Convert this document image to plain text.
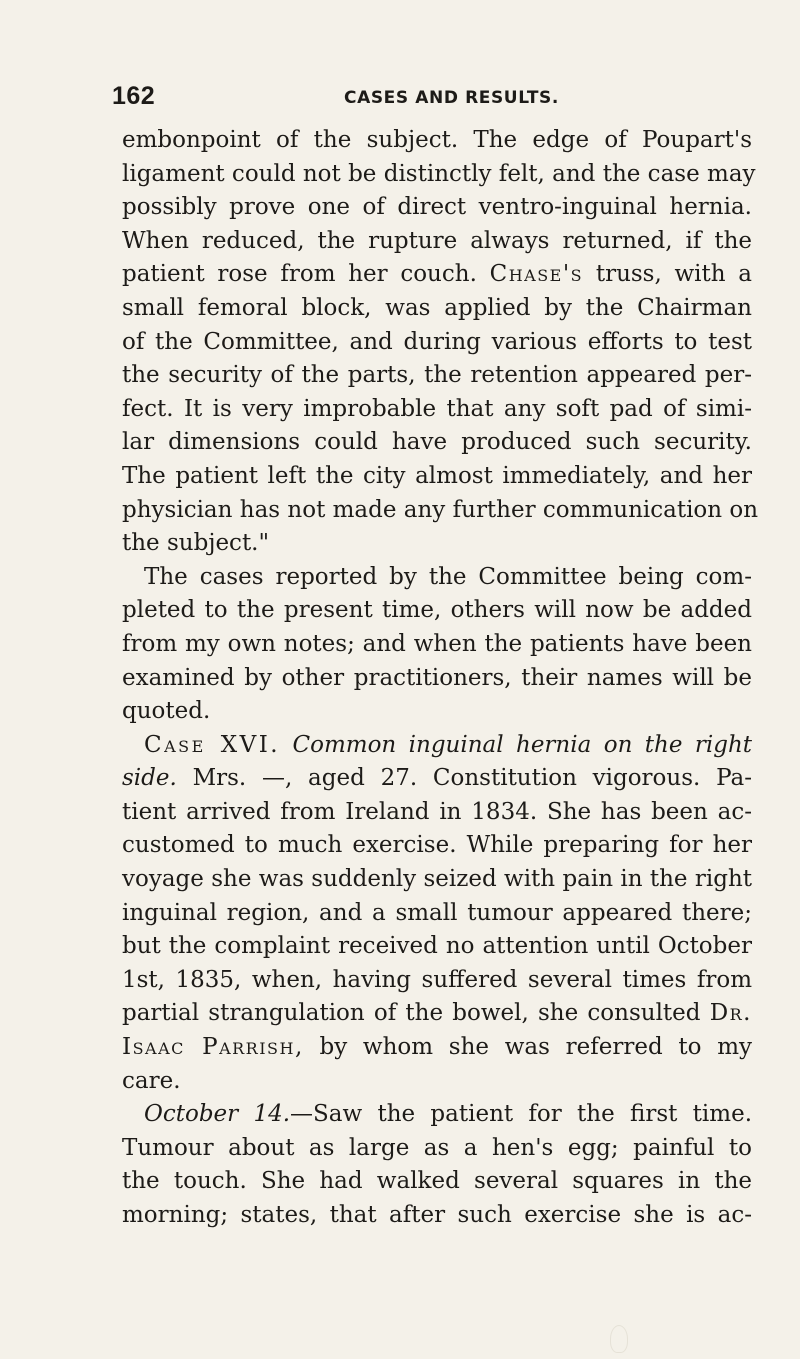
162	CASES AND RESULTS.
embonpoint of the subject. The edge of Poupart's
ligament could not be distinctly felt, and the case may
possibly prove one of direct ventro-inguinal hernia.
When reduced, the rupture always returned, if the
patient rose from her couch. Chase's truss, with a
small femoral block, was applied by the Chairman
of the Committee, and during various efforts to test
the security of the parts, the retention appeared per-
fect. It is very improbable that any soft pad of simi-
lar dimensions could have produced such security.
The patient left the city almost immediately, and her
physician has not made any further communication on
the subject."
The cases reported by the Committee being com-
pleted to the present time, others will now be added
from my own notes; and when the patients have been
examined by other practitioners, their names will be
quoted.
Case XVI. Common inguinal hernia on the right
side. Mrs. —, aged 27. Constitution vigorous. Pa-
tient arrived from Ireland in 1834. She has been ac-
customed to much exercise. While preparing for her
voyage she was suddenly seized with pain in the right
inguinal region, and a small tumour appeared there;
but the complaint received no attention until October
1st, 1835, when, having suffered several times from
partial strangulation of the bowel, she consulted Dr.
Isaac Parrish, by whom she was referred to my
care.
October 14.—Saw the patient for the first time.
Tumour about as large as a hen's egg; painful to
the touch. She had walked several squares in the
morning; states, that after such exercise she is ac-
